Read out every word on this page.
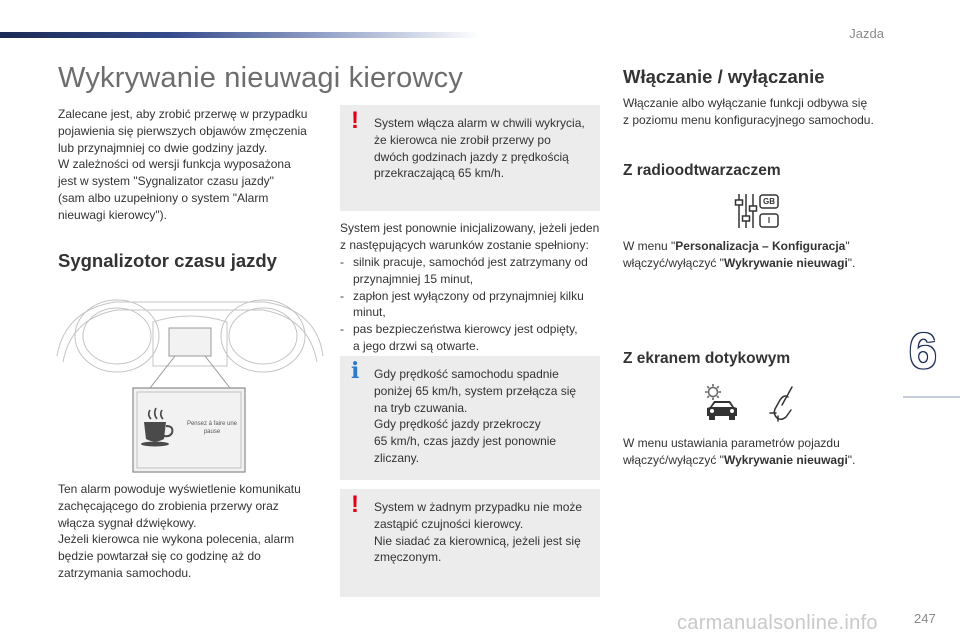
Jazda
Wykrywanie nieuwagi kierowcy
Zalecane jest, aby zrobić przerwę w przypadku
pojawienia się pierwszych objawów zmęczenia
lub przynajmniej co dwie godziny jazdy.
W zależności od wersji funkcja wyposażona
jest w system "Sygnalizator czasu jazdy"
(sam albo uzupełniony o system "Alarm
nieuwagi kierowcy").
Sygnalizotor czasu jazdy
Pensez à faire une
pause
Ten alarm powoduje wyświetlenie komunikatu
zachęcającego do zrobienia przerwy oraz
włącza sygnał dźwiękowy.
Jeżeli kierowca nie wykona polecenia, alarm
będzie powtarzał się co godzinę aż do
zatrzymania samochodu.
! System włącza alarm w chwili wykrycia,
że kierowca nie zrobił przerwy po
dwóch godzinach jazdy z prędkością
przekraczającą 65 km/h.
System jest ponownie inicjalizowany, jeżeli jeden
z następujących warunków zostanie spełniony:
- silnik pracuje, samochód jest zatrzymany od
przynajmniej 15 minut,
- zapłon jest wyłączony od przynajmniej kilku
minut,
- pas bezpieczeństwa kierowcy jest odpięty,
a jego drzwi są otwarte.
i Gdy prędkość samochodu spadnie
poniżej 65 km/h, system przełącza się
na tryb czuwania.
Gdy prędkość jazdy przekroczy
65 km/h, czas jazdy jest ponownie
zliczany.
! System w żadnym przypadku nie może
zastąpić czujności kierowcy.
Nie siadać za kierownicą, jeżeli jest się
zmęczonym.
Włączanie / wyłączanie
Włączanie albo wyłączanie funkcji odbywa się
z poziomu menu konfiguracyjnego samochodu.
Z radioodtwarzaczem
GB
I
W menu "Personalizacja – Konfiguracja"
włączyć/wyłączyć "Wykrywanie nieuwagi".
Z ekranem dotykowym
W menu ustawiania parametrów pojazdu
włączyć/wyłączyć "Wykrywanie nieuwagi".
6
carmanualsonline.info	247
